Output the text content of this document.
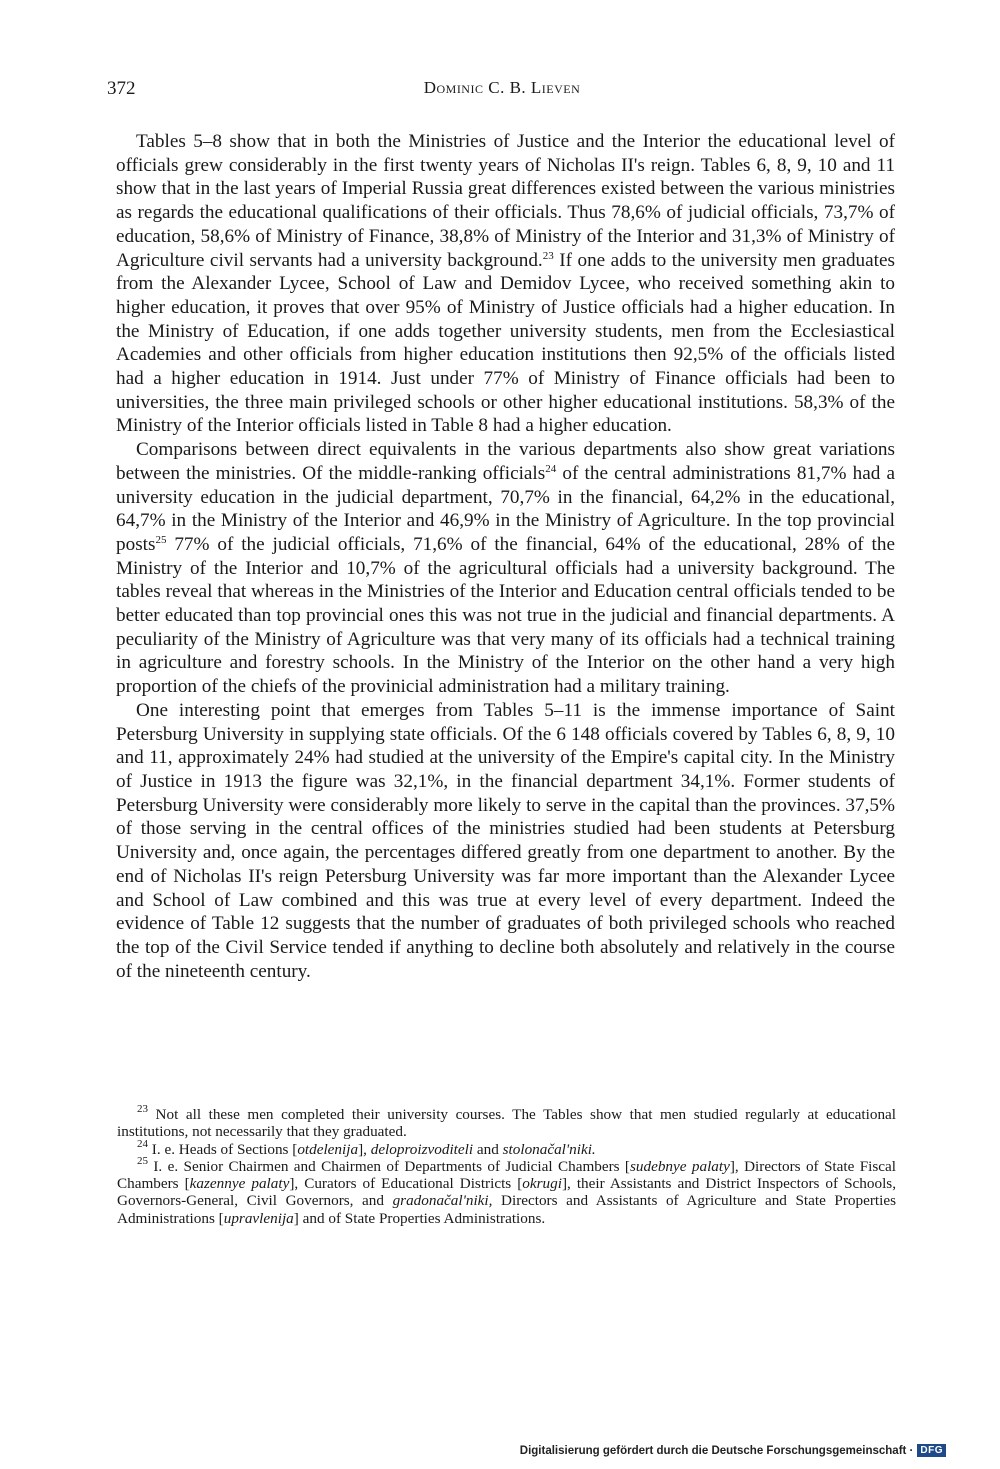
372	Dominic C. B. Lieven

Tables 5–8 show that in both the Ministries of Justice and the Interior the educational level of officials grew considerably in the first twenty years of Nicholas II's reign. Tables 6, 8, 9, 10 and 11 show that in the last years of Imperial Russia great differences existed between the various ministries as regards the educational qualifications of their officials. Thus 78,6% of judicial officials, 73,7% of education, 58,6% of Ministry of Finance, 38,8% of Ministry of the Interior and 31,3% of Ministry of Agriculture civil servants had a university background.$^{23}$ If one adds to the university men graduates from the Alexander Lycee, School of Law and Demidov Lycee, who received something akin to higher education, it proves that over 95% of Ministry of Justice officials had a higher education. In the Ministry of Education, if one adds together university students, men from the Ecclesiastical Academies and other officials from higher education institutions then 92,5% of the officials listed had a higher education in 1914. Just under 77% of Ministry of Finance officials had been to universities, the three main privileged schools or other higher educational institutions. 58,3% of the Ministry of the Interior officials listed in Table 8 had a higher education.

Comparisons between direct equivalents in the various departments also show great variations between the ministries. Of the middle-ranking officials$^{24}$ of the central administrations 81,7% had a university education in the judicial department, 70,7% in the financial, 64,2% in the educational, 64,7% in the Ministry of the Interior and 46,9% in the Ministry of Agriculture. In the top provincial posts$^{25}$ 77% of the judicial officials, 71,6% of the financial, 64% of the educational, 28% of the Ministry of the Interior and 10,7% of the agricultural officials had a university background. The tables reveal that whereas in the Ministries of the Interior and Education central officials tended to be better educated than top provincial ones this was not true in the judicial and financial departments. A peculiarity of the Ministry of Agriculture was that very many of its officials had a technical training in agriculture and forestry schools. In the Ministry of the Interior on the other hand a very high proportion of the chiefs of the provinicial administration had a military training.

One interesting point that emerges from Tables 5–11 is the immense importance of Saint Petersburg University in supplying state officials. Of the 6 148 officials covered by Tables 6, 8, 9, 10 and 11, approximately 24% had studied at the university of the Empire's capital city. In the Ministry of Justice in 1913 the figure was 32,1%, in the financial department 34,1%. Former students of Petersburg University were considerably more likely to serve in the capital than the provinces. 37,5% of those serving in the central offices of the ministries studied had been students at Petersburg University and, once again, the percentages differed greatly from one department to another. By the end of Nicholas II's reign Petersburg University was far more important than the Alexander Lycee and School of Law combined and this was true at every level of every department. Indeed the evidence of Table 12 suggests that the number of graduates of both privileged schools who reached the top of the Civil Service tended if anything to decline both absolutely and relatively in the course of the nineteenth century.

$^{23}$ Not all these men completed their university courses. The Tables show that men studied regularly at educational institutions, not necessarily that they graduated.

$^{24}$ I. e. Heads of Sections [otdelenija], deloproizvoditeli and stolonačal'niki.

$^{25}$ I. e. Senior Chairmen and Chairmen of Departments of Judicial Chambers [sudebnye palaty], Directors of State Fiscal Chambers [kazennye palaty], Curators of Educational Districts [okrugi], their Assistants and District Inspectors of Schools, Governors-General, Civil Governors, and gradonačal'niki, Directors and Assistants of Agriculture and State Properties Administrations [upravlenija] and of State Properties Administrations.

Digitalisierung gefördert durch die Deutsche Forschungsgemeinschaft · DFG
